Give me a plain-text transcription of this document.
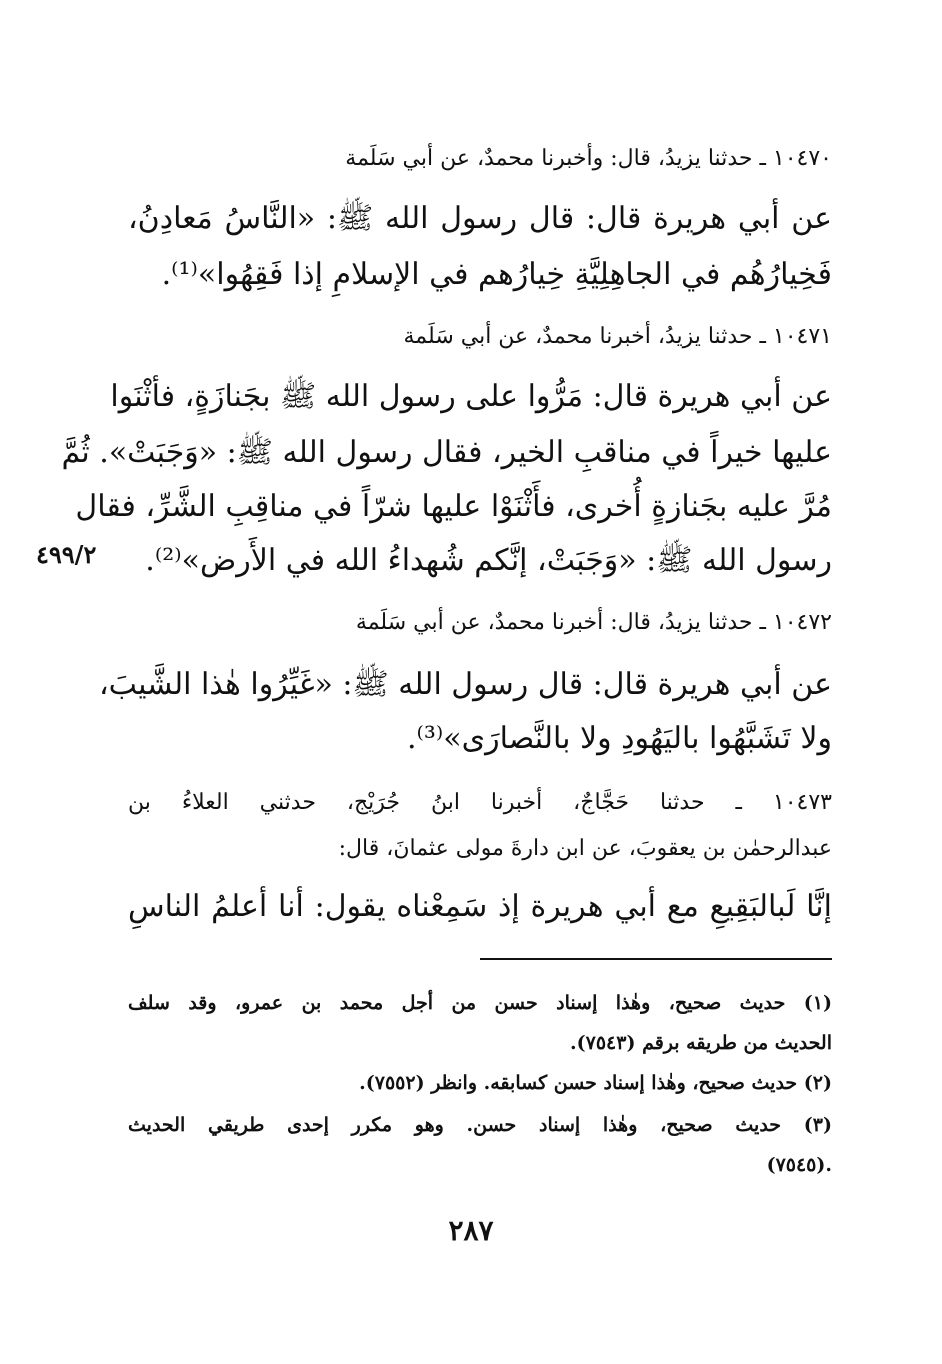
١٠٤٧٠ ـ حدثنا يزيدُ، قال: وأخبرنا محمدٌ، عن أبي سَلَمة
عن أبي هريرة قال: قال رسول الله ﷺ: «النَّاسُ مَعادِنُ،
فَخِيارُهُم في الجاهِلِيَّةِ خِيارُهم في الإسلامِ إذا فَقِهُوا»⁽¹⁾.
١٠٤٧١ ـ حدثنا يزيدُ، أخبرنا محمدٌ، عن أبي سَلَمة
عن أبي هريرة قال: مَرُّوا على رسول الله ﷺ بجَنازَةٍ، فأثْنَوا
عليها خيراً في مناقبِ الخير، فقال رسول الله ﷺ: «وَجَبَتْ». ثُمَّ
مُرَّ عليه بجَنازةٍ أُخرى، فأَثْنَوْا عليها شرّاً في مناقِبِ الشَّرِّ، فقال
رسول الله ﷺ: «وَجَبَتْ، إنَّكم شُهداءُ الله في الأَرض»⁽²⁾.
٤٩٩/٢
١٠٤٧٢ ـ حدثنا يزيدُ، قال: أخبرنا محمدٌ، عن أبي سَلَمة
عن أبي هريرة قال: قال رسول الله ﷺ: «غَيِّرُوا هٰذا الشَّيبَ،
ولا تَشَبَّهُوا باليَهُودِ ولا بالنَّصارَى»⁽³⁾.
١٠٤٧٣ ـ حدثنا حَجَّاجٌ، أخبرنا ابنُ جُرَيْج، حدثني العلاءُ بن
عبدالرحمٰن بن يعقوبَ، عن ابن دارةَ مولى عثمانَ، قال:
إنَّا لَبالبَقِيعِ مع أبي هريرة إذ سَمِعْناه يقول: أنا أعلمُ الناسِ
(١) حديث صحيح، وهٰذا إسناد حسن من أجل محمد بن عمرو، وقد سلف
الحديث من طريقه برقم (٧٥٤٣).
(٢) حديث صحيح، وهٰذا إسناد حسن كسابقه. وانظر (٧٥٥٢).
(٣) حديث صحيح، وهٰذا إسناد حسن. وهو مكرر إحدى طريقي الحديث
(٧٥٤٥).
٢٨٧
